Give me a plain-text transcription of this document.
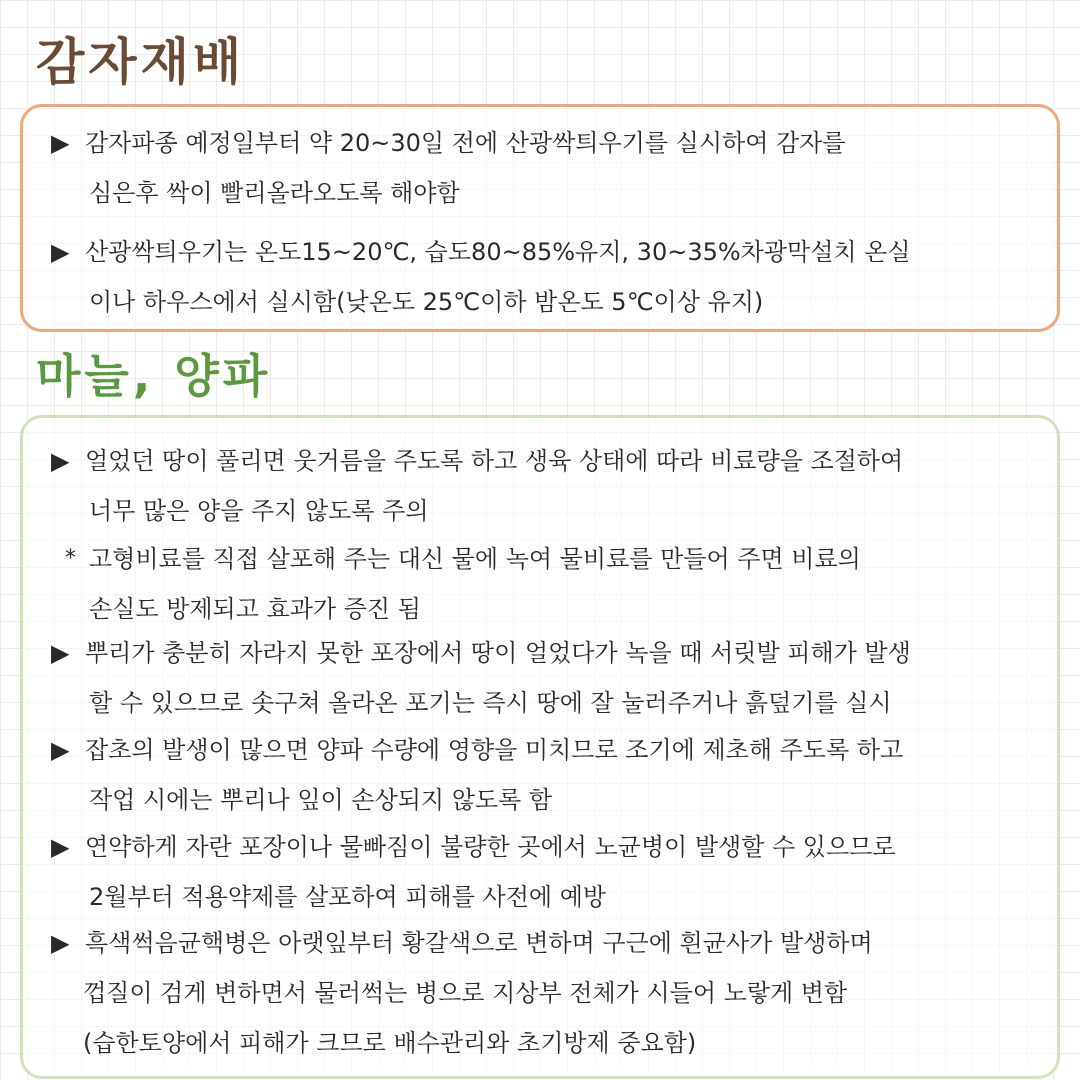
감자재배
▶ 감자파종 예정일부터 약 20~30일 전에 산광싹틔우기를 실시하여 감자를
심은후 싹이 빨리올라오도록 해야함
▶ 산광싹틔우기는 온도15~20℃, 습도80~85%유지, 30~35%차광막설치 온실
이나 하우스에서 실시함(낮온도 25℃이하 밤온도 5℃이상 유지)
마늘, 양파
▶ 얼었던 땅이 풀리면 웃거름을 주도록 하고 생육 상태에 따라 비료량을 조절하여
너무 많은 양을 주지 않도록 주의
* 고형비료를 직접 살포해 주는 대신 물에 녹여 물비료를 만들어 주면 비료의
손실도 방제되고 효과가 증진 됨
▶ 뿌리가 충분히 자라지 못한 포장에서 땅이 얼었다가 녹을 때 서릿발 피해가 발생
할 수 있으므로 솟구쳐 올라온 포기는 즉시 땅에 잘 눌러주거나 흙덮기를 실시
▶ 잡초의 발생이 많으면 양파 수량에 영향을 미치므로 조기에 제초해 주도록 하고
작업 시에는 뿌리나 잎이 손상되지 않도록 함
▶ 연약하게 자란 포장이나 물빠짐이 불량한 곳에서 노균병이 발생할 수 있으므로
2월부터 적용약제를 살포하여 피해를 사전에 예방
▶ 흑색썩음균핵병은 아랫잎부터 황갈색으로 변하며 구근에 흰균사가 발생하며
껍질이 검게 변하면서 물러썩는 병으로 지상부 전체가 시들어 노랗게 변함
(습한토양에서 피해가 크므로 배수관리와 초기방제 중요함)
